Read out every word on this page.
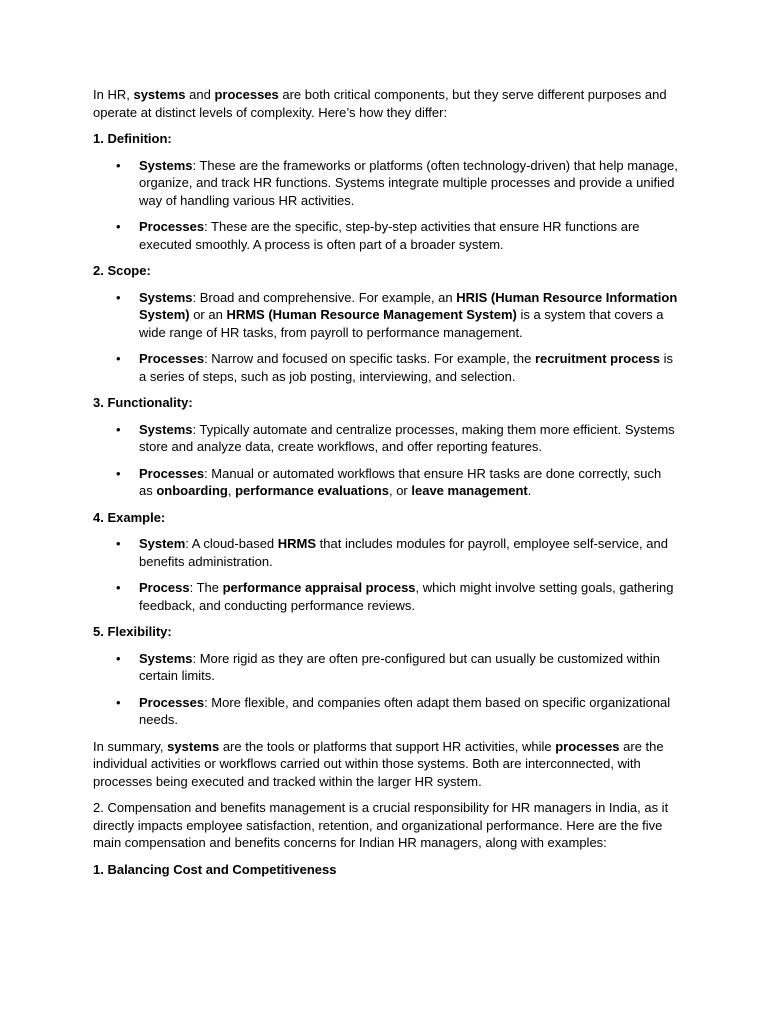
In HR, systems and processes are both critical components, but they serve different purposes and operate at distinct levels of complexity. Here’s how they differ:

1. Definition:

• Systems: These are the frameworks or platforms (often technology-driven) that help manage, organize, and track HR functions. Systems integrate multiple processes and provide a unified way of handling various HR activities.
• Processes: These are the specific, step-by-step activities that ensure HR functions are executed smoothly. A process is often part of a broader system.

2. Scope:

• Systems: Broad and comprehensive. For example, an HRIS (Human Resource Information System) or an HRMS (Human Resource Management System) is a system that covers a wide range of HR tasks, from payroll to performance management.
• Processes: Narrow and focused on specific tasks. For example, the recruitment process is a series of steps, such as job posting, interviewing, and selection.

3. Functionality:

• Systems: Typically automate and centralize processes, making them more efficient. Systems store and analyze data, create workflows, and offer reporting features.
• Processes: Manual or automated workflows that ensure HR tasks are done correctly, such as onboarding, performance evaluations, or leave management.

4. Example:

• System: A cloud-based HRMS that includes modules for payroll, employee self-service, and benefits administration.
• Process: The performance appraisal process, which might involve setting goals, gathering feedback, and conducting performance reviews.

5. Flexibility:

• Systems: More rigid as they are often pre-configured but can usually be customized within certain limits.
• Processes: More flexible, and companies often adapt them based on specific organizational needs.

In summary, systems are the tools or platforms that support HR activities, while processes are the individual activities or workflows carried out within those systems. Both are interconnected, with processes being executed and tracked within the larger HR system.

2. Compensation and benefits management is a crucial responsibility for HR managers in India, as it directly impacts employee satisfaction, retention, and organizational performance. Here are the five main compensation and benefits concerns for Indian HR managers, along with examples:

1. Balancing Cost and Competitiveness
